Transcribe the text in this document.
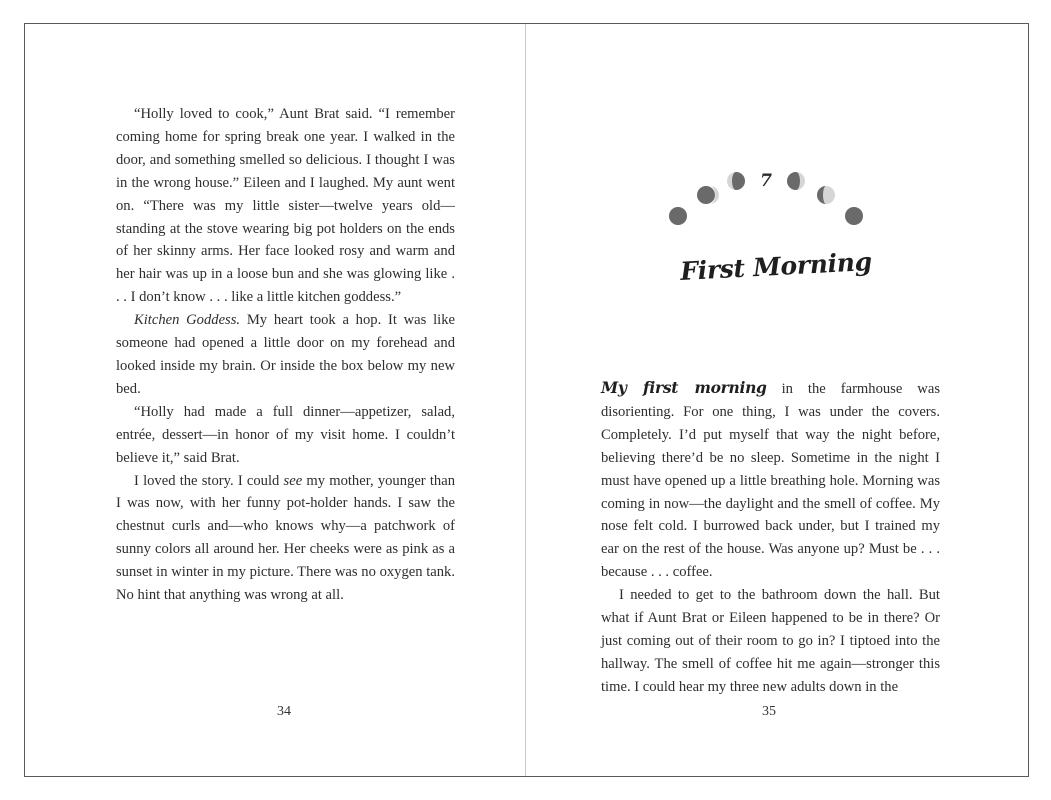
“Holly loved to cook,” Aunt Brat said. “I remember coming home for spring break one year. I walked in the door, and something smelled so delicious. I thought I was in the wrong house.” Eileen and I laughed. My aunt went on. “There was my little sister—twelve years old—standing at the stove wearing big pot holders on the ends of her skinny arms. Her face looked rosy and warm and her hair was up in a loose bun and she was glowing like . . . I don’t know . . . like a little kitchen goddess.”

Kitchen Goddess. My heart took a hop. It was like someone had opened a little door on my forehead and looked inside my brain. Or inside the box below my new bed.

“Holly had made a full dinner—appetizer, salad, entrée, dessert—in honor of my visit home. I couldn’t believe it,” said Brat.

I loved the story. I could see my mother, younger than I was now, with her funny pot-holder hands. I saw the chestnut curls and—who knows why—a patchwork of sunny colors all around her. Her cheeks were as pink as a sunset in winter in my picture. There was no oxygen tank. No hint that anything was wrong at all.

34
7
First Morning

My first morning in the farmhouse was disorienting. For one thing, I was under the covers. Completely. I’d put myself that way the night before, believing there’d be no sleep. Sometime in the night I must have opened up a little breathing hole. Morning was coming in now—the daylight and the smell of coffee. My nose felt cold. I burrowed back under, but I trained my ear on the rest of the house. Was anyone up? Must be . . . because . . . coffee.

I needed to get to the bathroom down the hall. But what if Aunt Brat or Eileen happened to be in there? Or just coming out of their room to go in? I tiptoed into the hallway. The smell of coffee hit me again—stronger this time. I could hear my three new adults down in the

35
